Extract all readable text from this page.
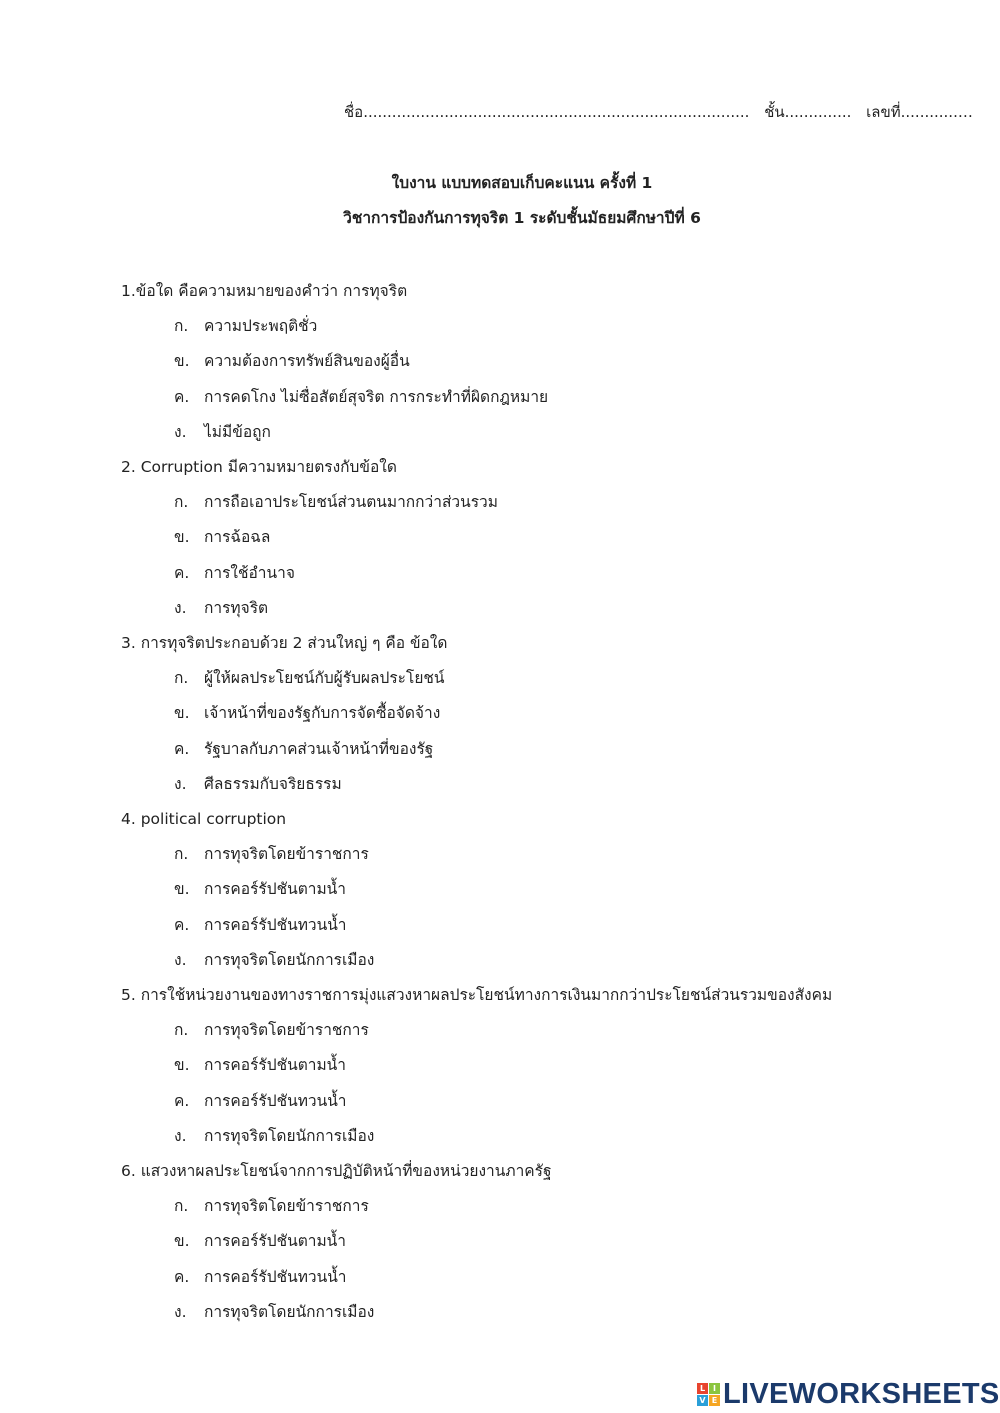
ชื่อ................................................................................. ชั้น.............. เลขที่............…
ใบงาน แบบทดสอบเก็บคะแนน ครั้งที่ 1
วิชาการป้องกันการทุจริต 1 ระดับชั้นมัธยมศึกษาปีที่ 6
1.ข้อใด คือความหมายของคำว่า การทุจริต
ก. ความประพฤติชั่ว
ข. ความต้องการทรัพย์สินของผู้อื่น
ค. การคดโกง ไม่ซื่อสัตย์สุจริต การกระทำที่ผิดกฎหมาย
ง. ไม่มีข้อถูก
2. Corruption มีความหมายตรงกับข้อใด
ก. การถือเอาประโยชน์ส่วนตนมากกว่าส่วนรวม
ข. การฉ้อฉล
ค. การใช้อำนาจ
ง. การทุจริต
3. การทุจริตประกอบด้วย 2 ส่วนใหญ่ ๆ คือ ข้อใด
ก. ผู้ให้ผลประโยชน์กับผู้รับผลประโยชน์
ข. เจ้าหน้าที่ของรัฐกับการจัดซื้อจัดจ้าง
ค. รัฐบาลกับภาคส่วนเจ้าหน้าที่ของรัฐ
ง. ศีลธรรมกับจริยธรรม
4. political corruption
ก. การทุจริตโดยข้าราชการ
ข. การคอร์รัปชันตามน้ำ
ค. การคอร์รัปชันทวนน้ำ
ง. การทุจริตโดยนักการเมือง
5. การใช้หน่วยงานของทางราชการมุ่งแสวงหาผลประโยชน์ทางการเงินมากกว่าประโยชน์ส่วนรวมของสังคม
ก. การทุจริตโดยข้าราชการ
ข. การคอร์รัปชันตามน้ำ
ค. การคอร์รัปชันทวนน้ำ
ง. การทุจริตโดยนักการเมือง
6. แสวงหาผลประโยชน์จากการปฏิบัติหน้าที่ของหน่วยงานภาครัฐ
ก. การทุจริตโดยข้าราชการ
ข. การคอร์รัปชันตามน้ำ
ค. การคอร์รัปชันทวนน้ำ
ง. การทุจริตโดยนักการเมือง
L I
V E LIVEWORKSHEETS
